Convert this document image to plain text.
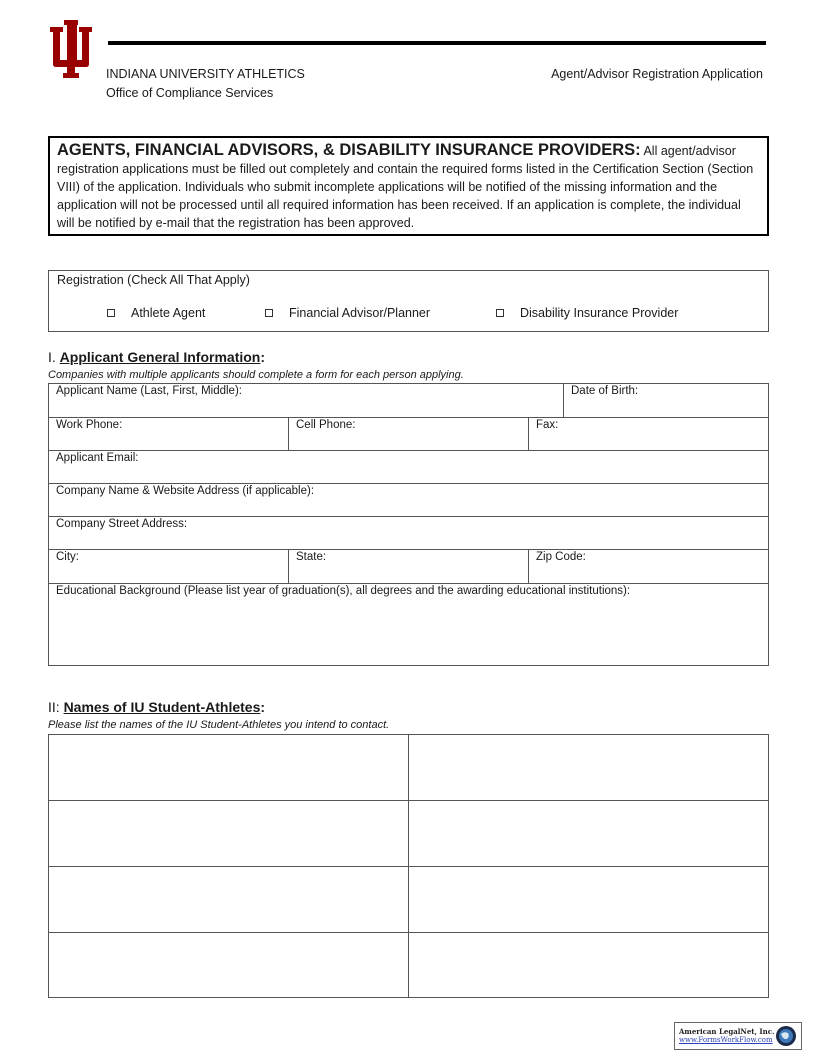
INDIANA UNIVERSITY ATHLETICS
Office of Compliance Services
Agent/Advisor Registration Application
AGENTS, FINANCIAL ADVISORS, & DISABILITY INSURANCE PROVIDERS: All agent/advisor registration applications must be filled out completely and contain the required forms listed in the Certification Section (Section VIII) of the application. Individuals who submit incomplete applications will be notified of the missing information and the application will not be processed until all required information has been received. If an application is complete, the individual will be notified by e-mail that the registration has been approved.
Registration (Check All That Apply)
Athlete Agent	Financial Advisor/Planner	Disability Insurance Provider
I. Applicant General Information:
Companies with multiple applicants should complete a form for each person applying.
Applicant Name (Last, First, Middle):	Date of Birth:
Work Phone:	Cell Phone:	Fax:
Applicant Email:
Company Name & Website Address (if applicable):
Company Street Address:
City:	State:	Zip Code:
Educational Background (Please list year of graduation(s), all degrees and the awarding educational institutions):
II: Names of IU Student-Athletes:
Please list the names of the IU Student-Athletes you intend to contact.
American LegalNet, Inc.
www.FormsWorkFlow.com
